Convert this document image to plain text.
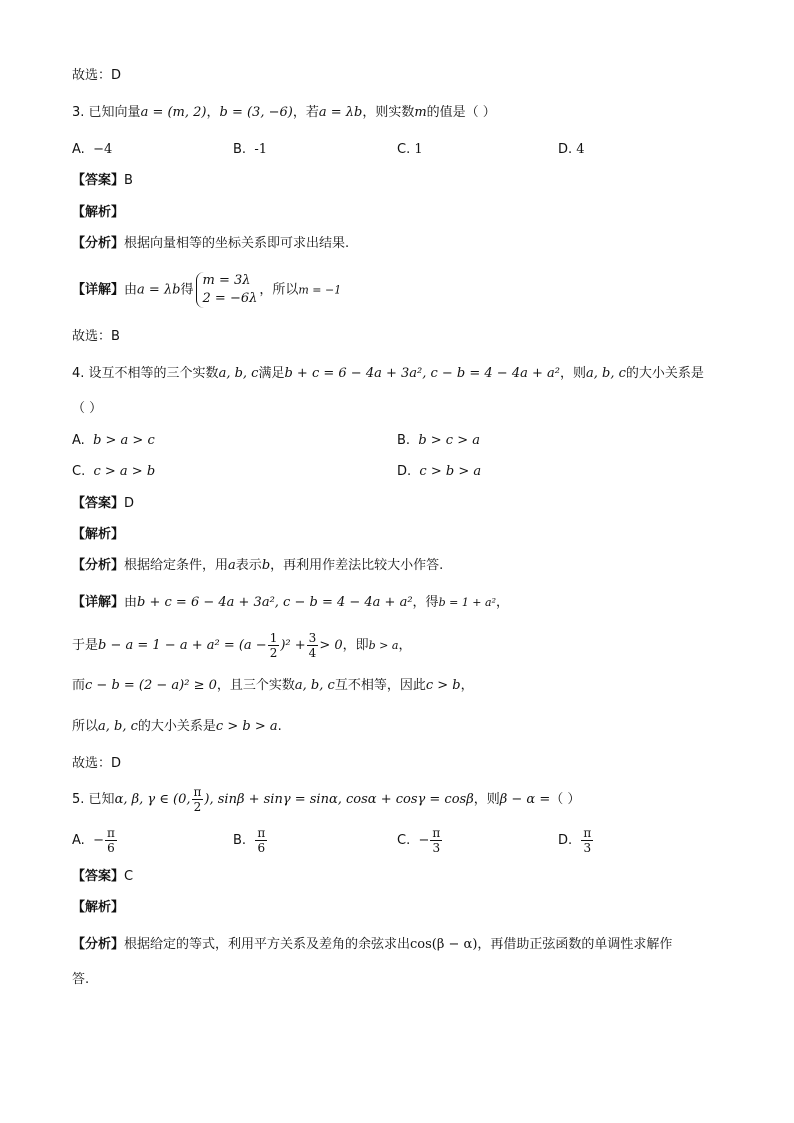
故选：D
3. 已知向量a = (m, 2)，b = (3, −6)，若a = λb，则实数m的值是（ ）
A. −4	B. -1	C. 1	D. 4
【答案】B
【解析】
【分析】根据向量相等的坐标关系即可求出结果.
【详解】由a = λb得
m = 3λ
2 = −6λ
，所以m = −1
故选：B
4. 设互不相等的三个实数a, b, c满足b + c = 6 − 4a + 3a², c − b = 4 − 4a + a²，则a, b, c的大小关系是
（ ）
A. b > a > c	B. b > c > a
C. c > a > b	D. c > b > a
【答案】D
【解析】
【分析】根据给定条件，用a表示b，再利用作差法比较大小作答.
【详解】由b + c = 6 − 4a + 3a², c − b = 4 − 4a + a²，得b = 1 + a²，
于是$b - a = 1 - a + a^2 = (a - \frac{1}{2} )^2 + \frac{3}{4} > 0$，即b > a，
而c − b = (2 − a)² ≥ 0，且三个实数a, b, c互不相等，因此c > b，
所以a, b, c的大小关系是c > b > a.
故选：D
5. 已知α, β, γ ∈ (0, $\frac{\pi}{2}$ ), sinβ + sinγ = sinα, cosα + cosγ = cosβ，则β − α =（ ）
A. − $\frac{\pi}{6}$	B. $\frac{\pi}{6}$	C. − $\frac{\pi}{3}$	D. $\frac{\pi}{3}$
【答案】C
【解析】
【分析】根据给定的等式，利用平方关系及差角的余弦求出cos(β − α)，再借助正弦函数的单调性求解作
答.
